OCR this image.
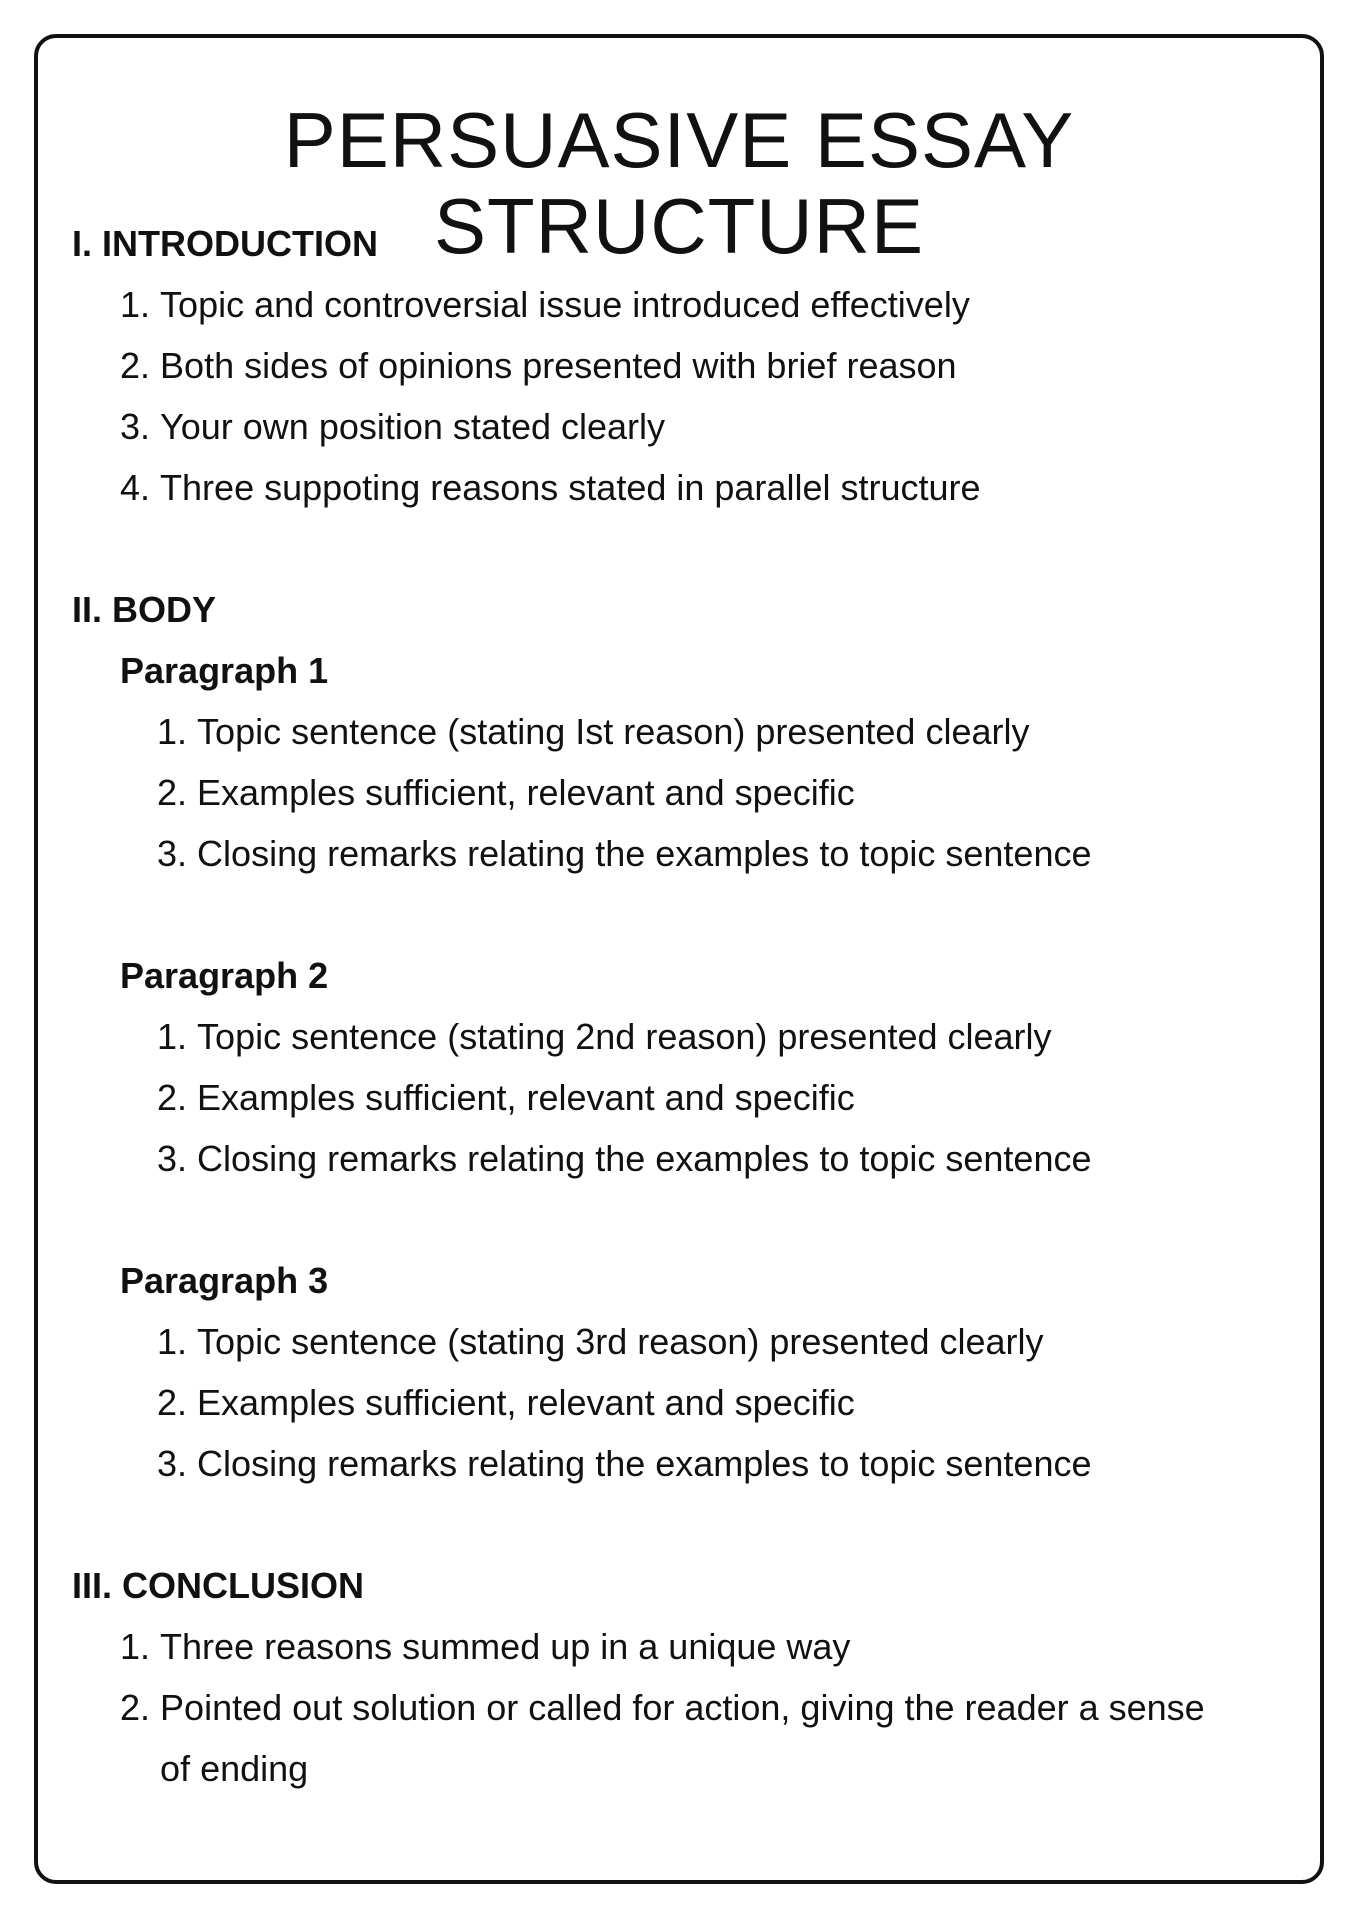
PERSUASIVE ESSAY STRUCTURE
I. INTRODUCTION
1.
Topic and controversial issue introduced effectively
2.
Both sides of opinions presented with brief reason
3.
Your own position stated clearly
4.
Three suppoting reasons stated in parallel structure
II. BODY
Paragraph 1
1.
Topic sentence (stating Ist reason) presented clearly
2.
Examples sufficient, relevant and specific
3.
Closing remarks relating the examples to topic sentence
Paragraph 2
1.
Topic sentence (stating 2nd reason) presented clearly
2.
Examples sufficient, relevant and specific
3.
Closing remarks relating the examples to topic sentence
Paragraph 3
1.
Topic sentence (stating 3rd reason) presented clearly
2.
Examples sufficient, relevant and specific
3.
Closing remarks relating the examples to topic sentence
III. CONCLUSION
1.
Three reasons summed up in a unique way
2.
Pointed out solution or called for action, giving the reader a sense of ending
